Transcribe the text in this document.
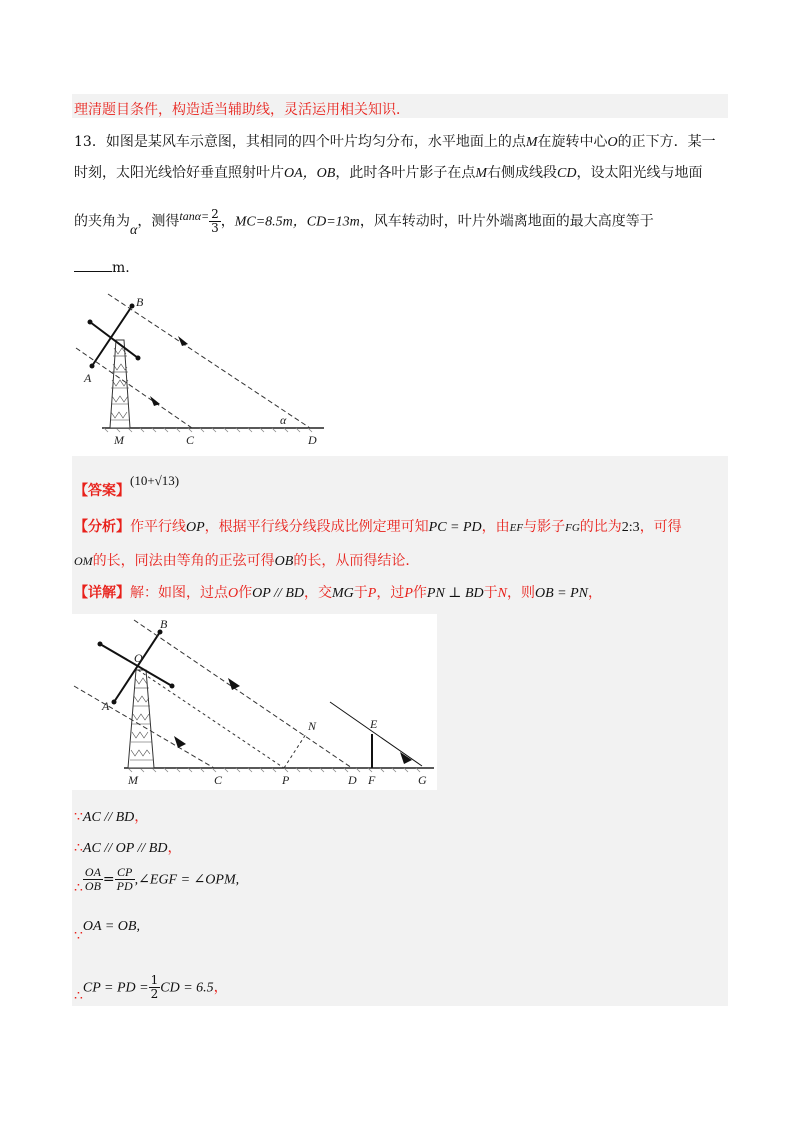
理清题目条件，构造适当辅助线，灵活运用相关知识．
13．如图是某风车示意图，其相同的四个叶片均匀分布，水平地面上的点M在旋转中心O的正下方．某一
时刻，太阳光线恰好垂直照射叶片OA，OB，此时各叶片影子在点M右侧成线段CD，设太阳光线与地面
的夹角为α，测得$\tan\alpha= \frac{2}{3}$ ，MC=8.5m，CD=13m，风车转动时，叶片外端离地面的最大高度等于
m.
B
A
M	C	D
α
【答案】(10+√13)
【分析】作平行线OP，根据平行线分线段成比例定理可知PC = PD，由EF与影子FG的比为2:3，可得
OM的长，同法由等角的正弦可得OB的长，从而得结论．
【详解】解：如图，过点O作OP // BD，交MG于P，过P作PN ⊥ BD于N，则OB = PN，
B
O
A
N	E
M	C	P	D F	G
∵AC // BD，
∴AC // OP // BD，
∴ $\frac{OA}{OB} = \frac{CP}{PD}$ ,∠EGF = ∠OPM,
∵OA = OB,
∴CP = PD = $\frac{1}{2}$ CD = 6.5，
